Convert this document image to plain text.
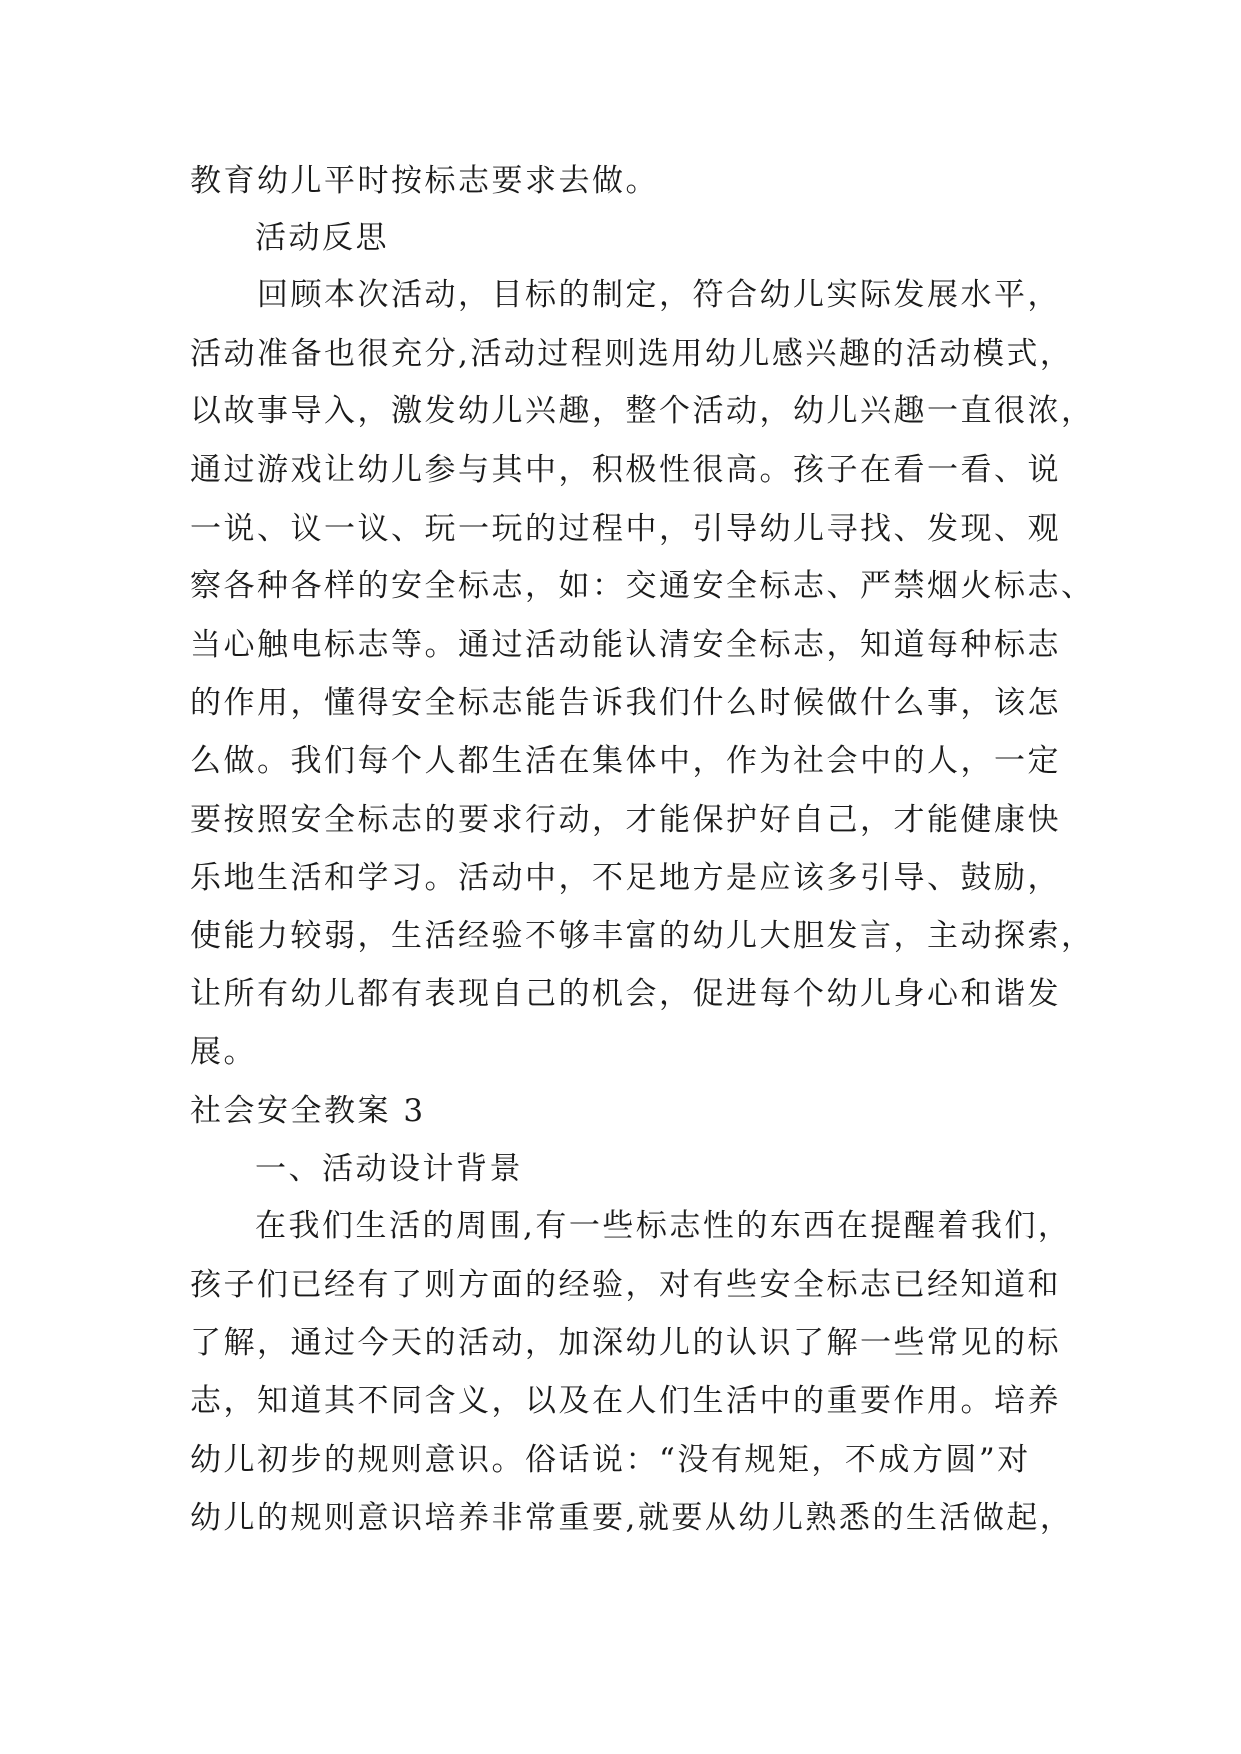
教育幼儿平时按标志要求去做。
活动反思
回顾本次活动，目标的制定，符合幼儿实际发展水平，
活动准备也很充分,活动过程则选用幼儿感兴趣的活动模式，
以故事导入，激发幼儿兴趣，整个活动，幼儿兴趣一直很浓，
通过游戏让幼儿参与其中，积极性很高。孩子在看一看、说
一说、议一议、玩一玩的过程中，引导幼儿寻找、发现、观
察各种各样的安全标志，如：交通安全标志、严禁烟火标志、
当心触电标志等。通过活动能认清安全标志，知道每种标志
的作用，懂得安全标志能告诉我们什么时候做什么事，该怎
么做。我们每个人都生活在集体中，作为社会中的人，一定
要按照安全标志的要求行动，才能保护好自己，才能健康快
乐地生活和学习。活动中，不足地方是应该多引导、鼓励，
使能力较弱，生活经验不够丰富的幼儿大胆发言，主动探索，
让所有幼儿都有表现自己的机会，促进每个幼儿身心和谐发
展。
社会安全教案 3
一、活动设计背景
在我们生活的周围,有一些标志性的东西在提醒着我们，
孩子们已经有了则方面的经验，对有些安全标志已经知道和
了解，通过今天的活动，加深幼儿的认识了解一些常见的标
志，知道其不同含义，以及在人们生活中的重要作用。培养
幼儿初步的规则意识。俗话说：“没有规矩，不成方圆”对
幼儿的规则意识培养非常重要,就要从幼儿熟悉的生活做起，
